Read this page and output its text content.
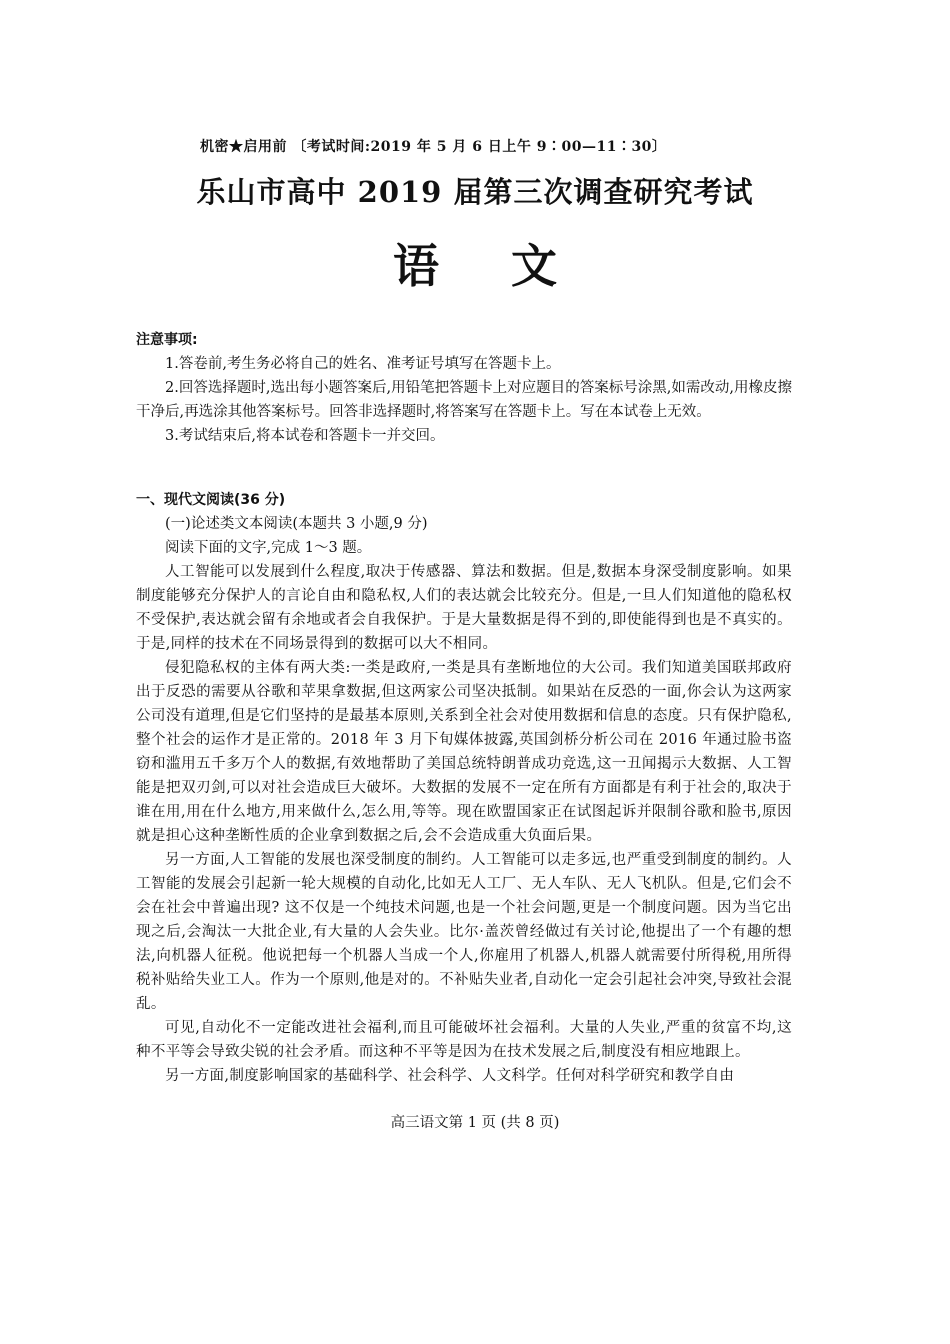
机密★启用前 〔考试时间:2019 年 5 月 6 日上午 9∶00—11∶30〕
乐山市高中 2019 届第三次调查研究考试
语 文
注意事项:

1.答卷前,考生务必将自己的姓名、准考证号填写在答题卡上。

2.回答选择题时,选出每小题答案后,用铅笔把答题卡上对应题目的答案标号涂黑,如需改动,用橡皮擦干净后,再选涂其他答案标号。回答非选择题时,将答案写在答题卡上。写在本试卷上无效。

3.考试结束后,将本试卷和答题卡一并交回。

一、现代文阅读(36 分)

(一)论述类文本阅读(本题共 3 小题,9 分)

阅读下面的文字,完成 1～3 题。

人工智能可以发展到什么程度,取决于传感器、算法和数据。但是,数据本身深受制度影响。如果制度能够充分保护人的言论自由和隐私权,人们的表达就会比较充分。但是,一旦人们知道他的隐私权不受保护,表达就会留有余地或者会自我保护。于是大量数据是得不到的,即使能得到也是不真实的。于是,同样的技术在不同场景得到的数据可以大不相同。

侵犯隐私权的主体有两大类:一类是政府,一类是具有垄断地位的大公司。我们知道美国联邦政府出于反恐的需要从谷歌和苹果拿数据,但这两家公司坚决抵制。如果站在反恐的一面,你会认为这两家公司没有道理,但是它们坚持的是最基本原则,关系到全社会对使用数据和信息的态度。只有保护隐私,整个社会的运作才是正常的。2018 年 3 月下旬媒体披露,英国剑桥分析公司在 2016 年通过脸书盗窃和滥用五千多万个人的数据,有效地帮助了美国总统特朗普成功竞选,这一丑闻揭示大数据、人工智能是把双刃剑,可以对社会造成巨大破坏。大数据的发展不一定在所有方面都是有利于社会的,取决于谁在用,用在什么地方,用来做什么,怎么用,等等。现在欧盟国家正在试图起诉并限制谷歌和脸书,原因就是担心这种垄断性质的企业拿到数据之后,会不会造成重大负面后果。

另一方面,人工智能的发展也深受制度的制约。人工智能可以走多远,也严重受到制度的制约。人工智能的发展会引起新一轮大规模的自动化,比如无人工厂、无人车队、无人飞机队。但是,它们会不会在社会中普遍出现? 这不仅是一个纯技术问题,也是一个社会问题,更是一个制度问题。因为当它出现之后,会淘汰一大批企业,有大量的人会失业。比尔·盖茨曾经做过有关讨论,他提出了一个有趣的想法,向机器人征税。他说把每一个机器人当成一个人,你雇用了机器人,机器人就需要付所得税,用所得税补贴给失业工人。作为一个原则,他是对的。不补贴失业者,自动化一定会引起社会冲突,导致社会混乱。

可见,自动化不一定能改进社会福利,而且可能破坏社会福利。大量的人失业,严重的贫富不均,这种不平等会导致尖锐的社会矛盾。而这种不平等是因为在技术发展之后,制度没有相应地跟上。

另一方面,制度影响国家的基础科学、社会科学、人文科学。任何对科学研究和教学自由

高三语文第 1 页 (共 8 页)
